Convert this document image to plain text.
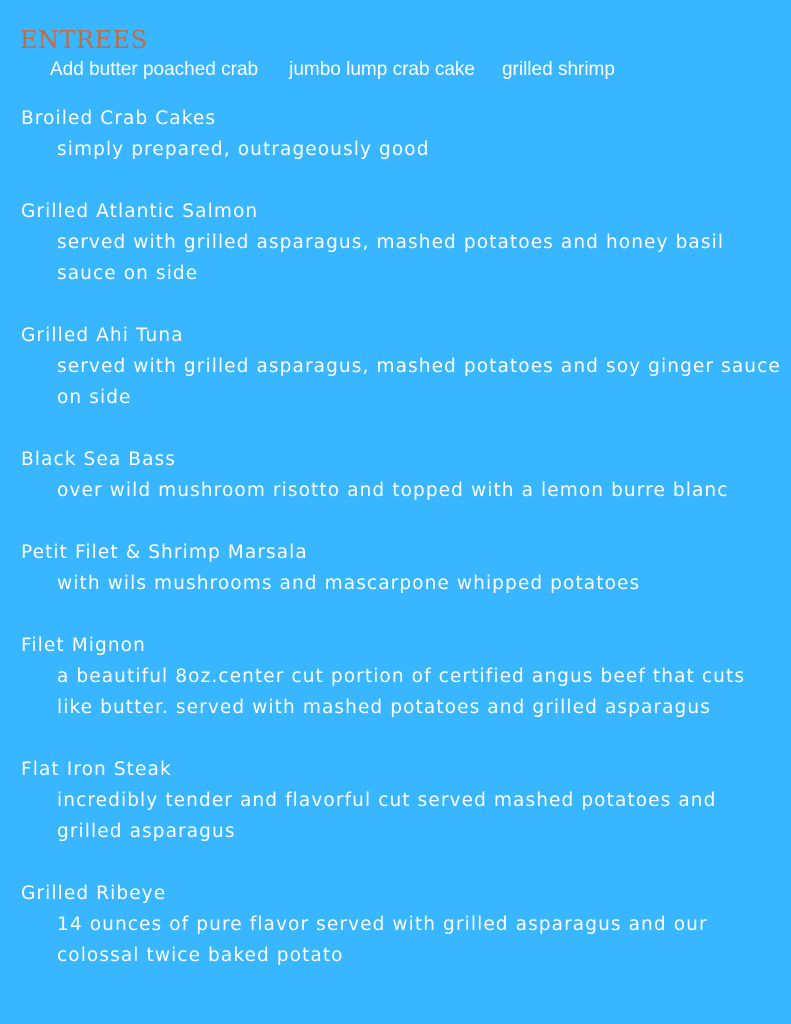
ENTREES
Add butter poached crab jumbo lump crab cake grilled shrimp
Broiled Crab Cakes
simply prepared, outrageously good
Grilled Atlantic Salmon
served with grilled asparagus, mashed potatoes and honey basil sauce on side
Grilled Ahi Tuna
served with grilled asparagus, mashed potatoes and soy ginger sauce on side
Black Sea Bass
over wild mushroom risotto and topped with a lemon burre blanc
Petit Filet & Shrimp Marsala
with wils mushrooms and mascarpone whipped potatoes
Filet Mignon
a beautiful 8oz.center cut portion of certified angus beef that cuts like butter. served with mashed potatoes and grilled asparagus
Flat Iron Steak
incredibly tender and flavorful cut served mashed potatoes and grilled asparagus
Grilled Ribeye
14 ounces of pure flavor served with grilled asparagus and our colossal twice baked potato
